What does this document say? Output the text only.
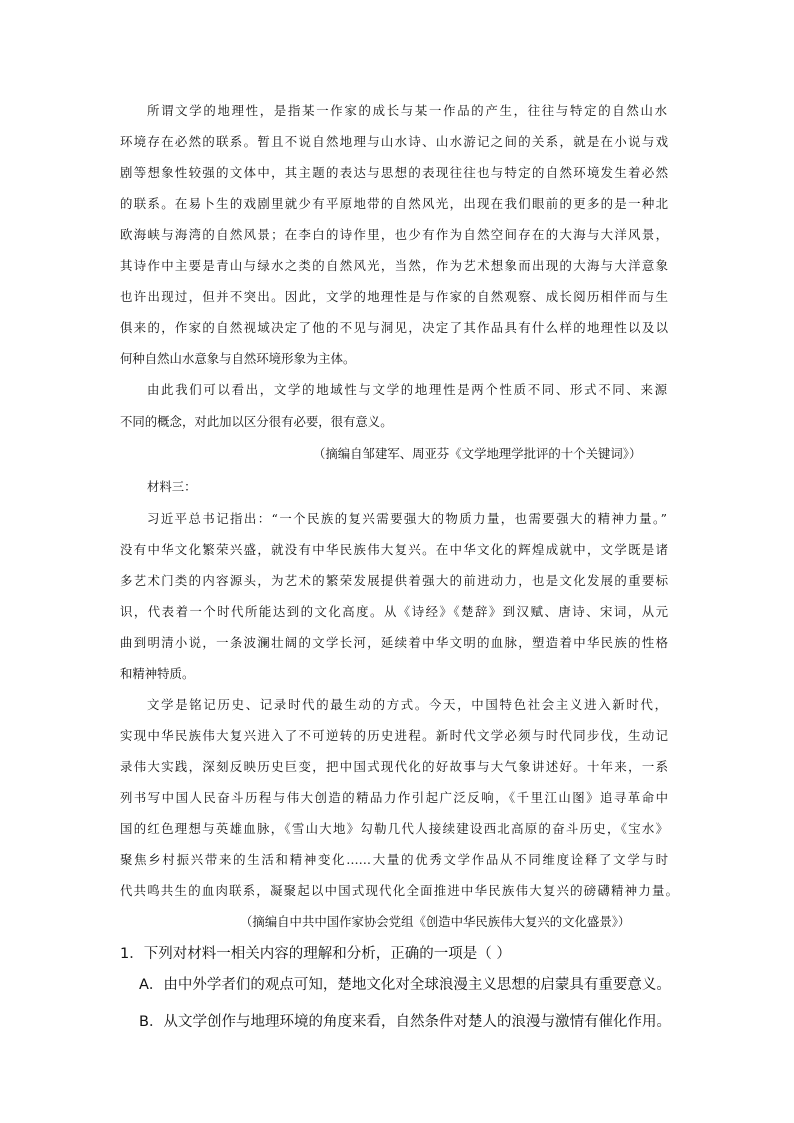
所谓文学的地理性，是指某一作家的成长与某一作品的产生，往往与特定的自然山水
环境存在必然的联系。暂且不说自然地理与山水诗、山水游记之间的关系，就是在小说与戏
剧等想象性较强的文体中，其主题的表达与思想的表现往往也与特定的自然环境发生着必然
的联系。在易卜生的戏剧里就少有平原地带的自然风光，出现在我们眼前的更多的是一种北
欧海峡与海湾的自然风景；在李白的诗作里，也少有作为自然空间存在的大海与大洋风景，
其诗作中主要是青山与绿水之类的自然风光，当然，作为艺术想象而出现的大海与大洋意象
也许出现过，但并不突出。因此，文学的地理性是与作家的自然观察、成长阅历相伴而与生
俱来的，作家的自然视域决定了他的不见与洞见，决定了其作品具有什么样的地理性以及以
何种自然山水意象与自然环境形象为主体。
由此我们可以看出，文学的地域性与文学的地理性是两个性质不同、形式不同、来源
不同的概念，对此加以区分很有必要，很有意义。
（摘编自邹建军、周亚芬《文学地理学批评的十个关键词》）
材料三：
习近平总书记指出：“一个民族的复兴需要强大的物质力量，也需要强大的精神力量。”
没有中华文化繁荣兴盛，就没有中华民族伟大复兴。在中华文化的辉煌成就中，文学既是诸
多艺术门类的内容源头，为艺术的繁荣发展提供着强大的前进动力，也是文化发展的重要标
识，代表着一个时代所能达到的文化高度。从《诗经》《楚辞》到汉赋、唐诗、宋词，从元
曲到明清小说，一条波澜壮阔的文学长河，延续着中华文明的血脉，塑造着中华民族的性格
和精神特质。
文学是铭记历史、记录时代的最生动的方式。今天，中国特色社会主义进入新时代，
实现中华民族伟大复兴进入了不可逆转的历史进程。新时代文学必须与时代同步伐，生动记
录伟大实践，深刻反映历史巨变，把中国式现代化的好故事与大气象讲述好。十年来，一系
列书写中国人民奋斗历程与伟大创造的精品力作引起广泛反响，《千里江山图》追寻革命中
国的红色理想与英雄血脉，《雪山大地》勾勒几代人接续建设西北高原的奋斗历史，《宝水》
聚焦乡村振兴带来的生活和精神变化……大量的优秀文学作品从不同维度诠释了文学与时
代共鸣共生的血肉联系，凝聚起以中国式现代化全面推进中华民族伟大复兴的磅礴精神力量。
（摘编自中共中国作家协会党组《创造中华民族伟大复兴的文化盛景》）
1．下列对材料一相关内容的理解和分析，正确的一项是（ ）
A．由中外学者们的观点可知，楚地文化对全球浪漫主义思想的启蒙具有重要意义。
B．从文学创作与地理环境的角度来看，自然条件对楚人的浪漫与激情有催化作用。
